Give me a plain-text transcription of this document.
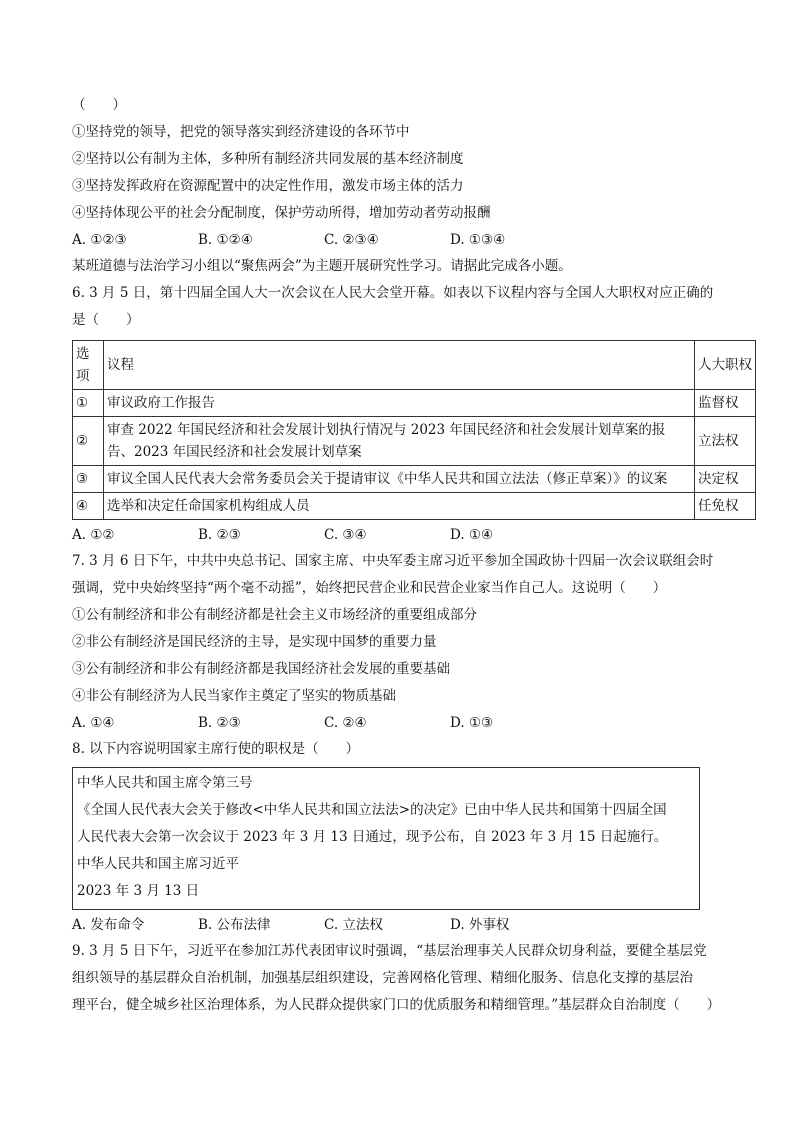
（　　）
①坚持党的领导，把党的领导落实到经济建设的各环节中
②坚持以公有制为主体，多种所有制经济共同发展的基本经济制度
③坚持发挥政府在资源配置中的决定性作用，激发市场主体的活力
④坚持体现公平的社会分配制度，保护劳动所得，增加劳动者劳动报酬
A. ①②③	B. ①②④	C. ②③④	D. ①③④
某班道德与法治学习小组以“聚焦两会”为主题开展研究性学习。请据此完成各小题。
6. 3 月 5 日，第十四届全国人大一次会议在人民大会堂开幕。如表以下议程内容与全国人大职权对应正确的
是（　　）
选项	议程	人大职权
①	审议政府工作报告	监督权
②	审查 2022 年国民经济和社会发展计划执行情况与 2023 年国民经济和社会发展计划草案的报告、2023 年国民经济和社会发展计划草案	立法权
③	审议全国人民代表大会常务委员会关于提请审议《中华人民共和国立法法（修正草案）》的议案	决定权
④	选举和决定任命国家机构组成人员	任免权
A. ①②	B. ②③	C. ③④	D. ①④
7. 3 月 6 日下午，中共中央总书记、国家主席、中央军委主席习近平参加全国政协十四届一次会议联组会时
强调，党中央始终坚持“两个毫不动摇”，始终把民营企业和民营企业家当作自己人。这说明（　　）
①公有制经济和非公有制经济都是社会主义市场经济的重要组成部分
②非公有制经济是国民经济的主导，是实现中国梦的重要力量
③公有制经济和非公有制经济都是我国经济社会发展的重要基础
④非公有制经济为人民当家作主奠定了坚实的物质基础
A. ①④	B. ②③	C. ②④	D. ①③
8. 以下内容说明国家主席行使的职权是（　　）
中华人民共和国主席令第三号
《全国人民代表大会关于修改<中华人民共和国立法法>的决定》已由中华人民共和国第十四届全国
人民代表大会第一次会议于 2023 年 3 月 13 日通过，现予公布，自 2023 年 3 月 15 日起施行。
中华人民共和国主席习近平
2023 年 3 月 13 日
A. 发布命令	B. 公布法律	C. 立法权	D. 外事权
9. 3 月 5 日下午，习近平在参加江苏代表团审议时强调，“基层治理事关人民群众切身利益，要健全基层党
组织领导的基层群众自治机制，加强基层组织建设，完善网格化管理、精细化服务、信息化支撑的基层治
理平台，健全城乡社区治理体系，为人民群众提供家门口的优质服务和精细管理。”基层群众自治制度（　　）
